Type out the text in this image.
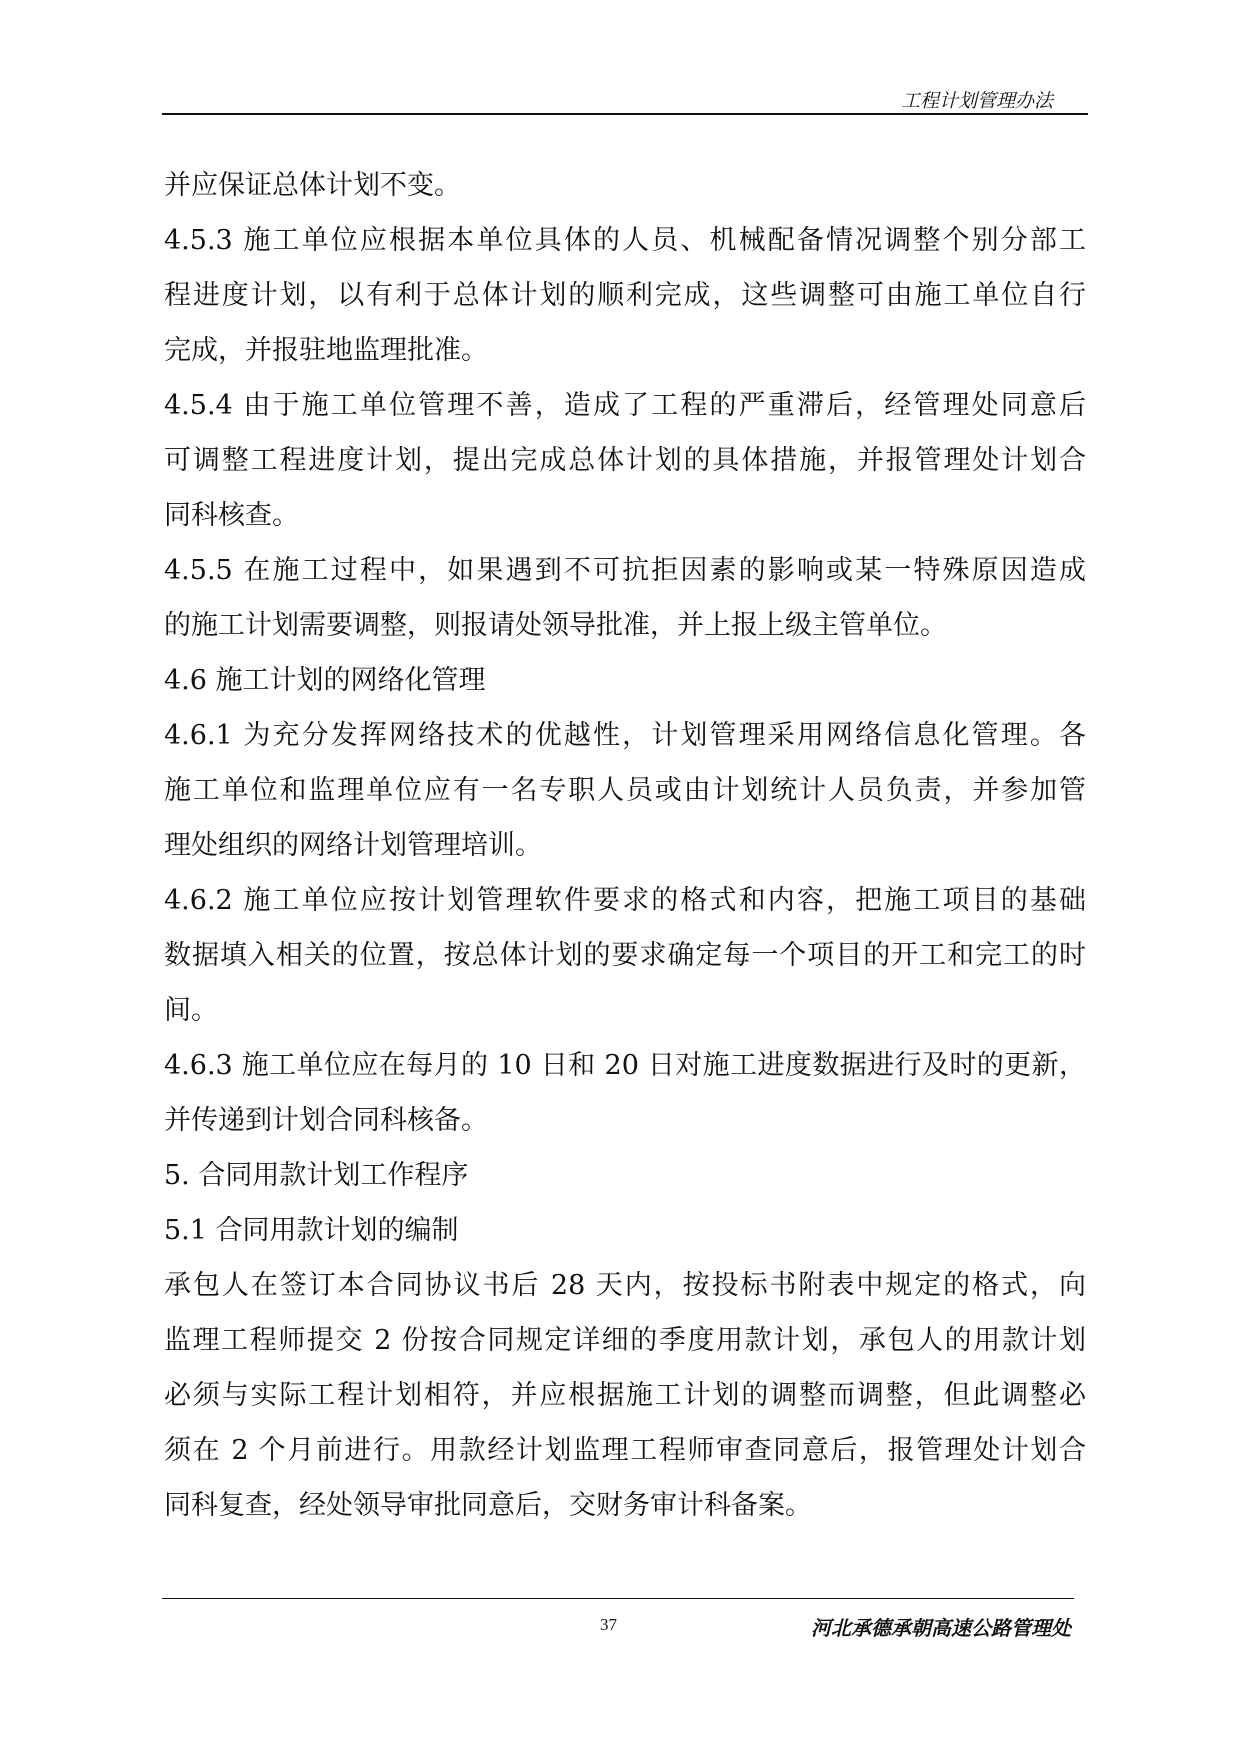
工程计划管理办法
并应保证总体计划不变。
4.5.3 施工单位应根据本单位具体的人员、机械配备情况调整个别分部工
程进度计划，以有利于总体计划的顺利完成，这些调整可由施工单位自行
完成，并报驻地监理批准。
4.5.4 由于施工单位管理不善，造成了工程的严重滞后，经管理处同意后
可调整工程进度计划，提出完成总体计划的具体措施，并报管理处计划合
同科核查。
4.5.5 在施工过程中，如果遇到不可抗拒因素的影响或某一特殊原因造成
的施工计划需要调整，则报请处领导批准，并上报上级主管单位。
4.6 施工计划的网络化管理
4.6.1 为充分发挥网络技术的优越性，计划管理采用网络信息化管理。各
施工单位和监理单位应有一名专职人员或由计划统计人员负责，并参加管
理处组织的网络计划管理培训。
4.6.2 施工单位应按计划管理软件要求的格式和内容，把施工项目的基础
数据填入相关的位置，按总体计划的要求确定每一个项目的开工和完工的时
间。
4.6.3 施工单位应在每月的 10 日和 20 日对施工进度数据进行及时的更新，
并传递到计划合同科核备。
5. 合同用款计划工作程序
5.1 合同用款计划的编制
承包人在签订本合同协议书后 28 天内，按投标书附表中规定的格式，向
监理工程师提交 2 份按合同规定详细的季度用款计划，承包人的用款计划
必须与实际工程计划相符，并应根据施工计划的调整而调整，但此调整必
须在 2 个月前进行。用款经计划监理工程师审查同意后，报管理处计划合
同科复查，经处领导审批同意后，交财务审计科备案。
37	河北承德承朝高速公路管理处
